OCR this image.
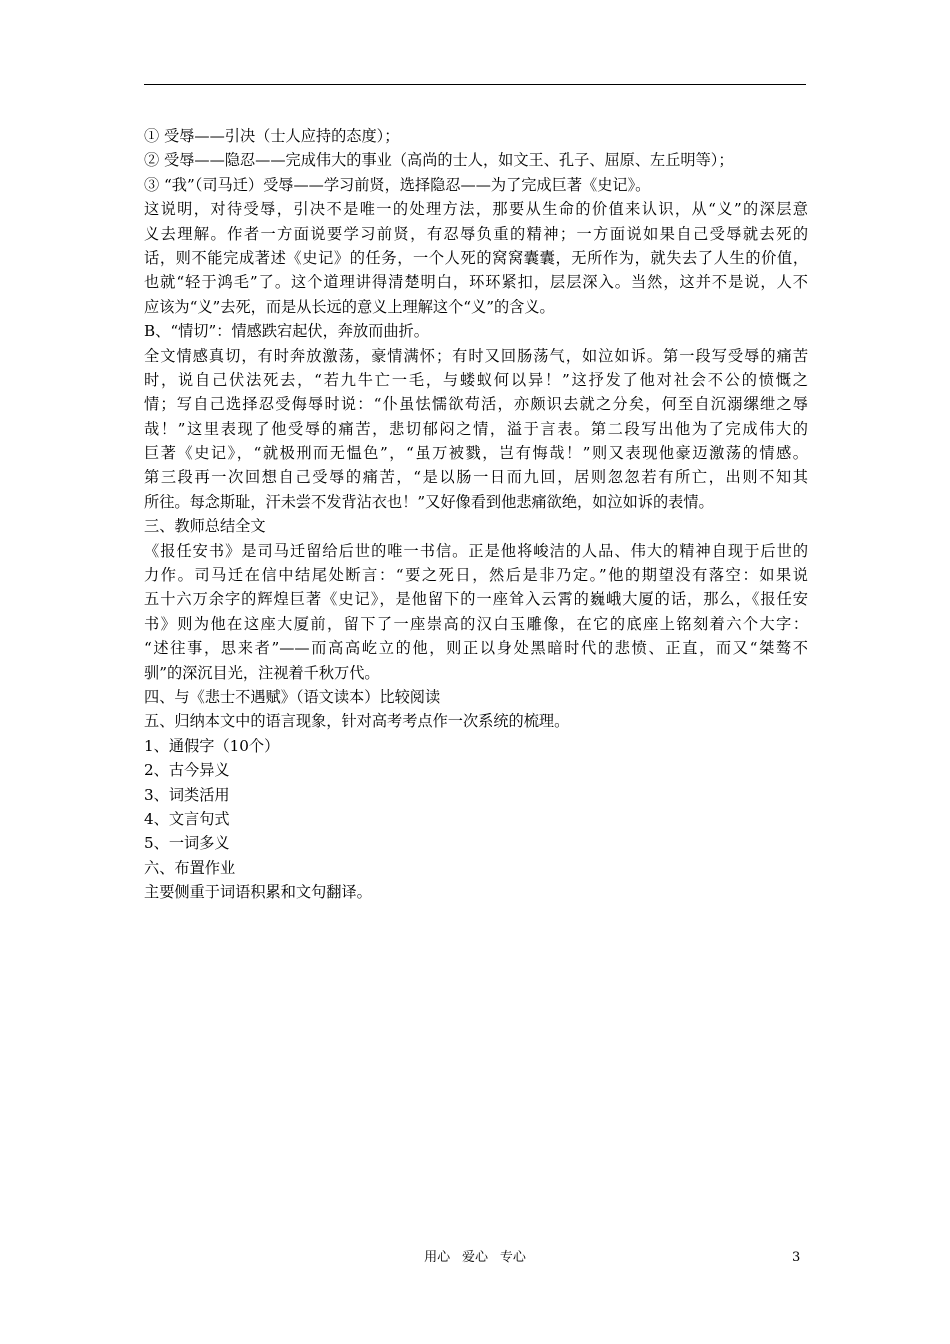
① 受辱——引决（士人应持的态度）；
② 受辱——隐忍——完成伟大的事业（高尚的士人，如文王、孔子、屈原、左丘明等）；
③ “我”（司马迁）受辱——学习前贤，选择隐忍——为了完成巨著《史记》。
这说明，对待受辱，引决不是唯一的处理方法，那要从生命的价值来认识，从“义”的深层意
义去理解。作者一方面说要学习前贤，有忍辱负重的精神；一方面说如果自己受辱就去死的
话，则不能完成著述《史记》的任务，一个人死的窝窝囊囊，无所作为，就失去了人生的价值，
也就“轻于鸿毛”了。这个道理讲得清楚明白，环环紧扣，层层深入。当然，这并不是说，人不
应该为“义”去死，而是从长远的意义上理解这个“义”的含义。
B、“情切”：情感跌宕起伏，奔放而曲折。
全文情感真切，有时奔放激荡，豪情满怀；有时又回肠荡气，如泣如诉。第一段写受辱的痛苦
时，说自己伏法死去，“若九牛亡一毛，与蝼蚁何以异！”这抒发了他对社会不公的愤慨之
情；写自己选择忍受侮辱时说：“仆虽怯懦欲苟活，亦颇识去就之分矣，何至自沉溺缧绁之辱
哉！”这里表现了他受辱的痛苦，悲切郁闷之情，溢于言表。第二段写出他为了完成伟大的
巨著《史记》，“就极刑而无愠色”，“虽万被戮，岂有悔哉！”则又表现他豪迈激荡的情感。
第三段再一次回想自己受辱的痛苦，“是以肠一日而九回，居则忽忽若有所亡，出则不知其
所往。每念斯耻，汗未尝不发背沾衣也！”又好像看到他悲痛欲绝，如泣如诉的表情。
三、教师总结全文
《报任安书》是司马迁留给后世的唯一书信。正是他将峻洁的人品、伟大的精神自现于后世的
力作。司马迁在信中结尾处断言：“要之死日，然后是非乃定。”他的期望没有落空：如果说
五十六万余字的辉煌巨著《史记》，是他留下的一座耸入云霄的巍峨大厦的话，那么，《报任安
书》则为他在这座大厦前，留下了一座崇高的汉白玉雕像，在它的底座上铭刻着六个大字：
“述往事，思来者”——而高高屹立的他，则正以身处黑暗时代的悲愤、正直，而又“桀骜不
驯”的深沉目光，注视着千秋万代。
四、与《悲士不遇赋》（语文读本）比较阅读
五、归纳本文中的语言现象，针对高考考点作一次系统的梳理。
1、通假字（10个）
2、古今异义
3、词类活用
4、文言句式
5、一词多义
六、布置作业
主要侧重于词语积累和文句翻译。
用心 爱心 专心	3
